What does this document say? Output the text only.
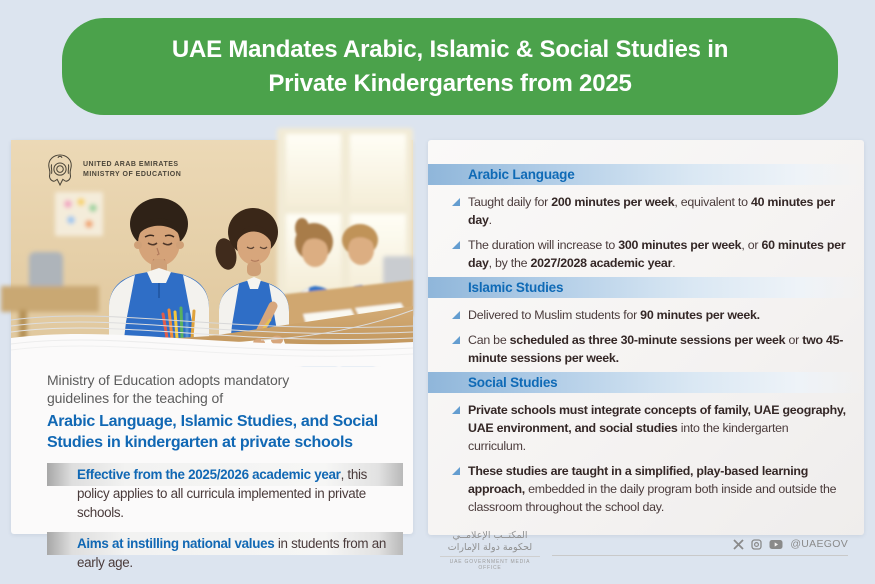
UAE Mandates Arabic, Islamic & Social Studies in
Private Kindergartens from 2025
UNITED ARAB EMIRATES
MINISTRY OF EDUCATION

Ministry of Education adopts mandatory guidelines for the teaching of

Arabic Language, Islamic Studies, and Social Studies in kindergarten at private schools

Effective from the 2025/2026 academic year, this policy applies to all curricula implemented in private schools.

Aims at instilling national values in students from an early age.

Arabic Language

Taught daily for 200 minutes per week, equivalent to 40 minutes per day.

The duration will increase to 300 minutes per week, or 60 minutes per day, by the 2027/2028 academic year.

Islamic Studies

Delivered to Muslim students for 90 minutes per week.

Can be scheduled as three 30-minute sessions per week or two 45-minute sessions per week.

Social Studies

Private schools must integrate concepts of family, UAE geography, UAE environment, and social studies into the kindergarten curriculum.

These studies are taught in a simplified, play-based learning approach, embedded in the daily program both inside and outside the classroom throughout the school day.

المكتــب الإعلامــي
لحكومة دولة الإمارات
UAE GOVERNMENT MEDIA OFFICE
@UAEGOV
